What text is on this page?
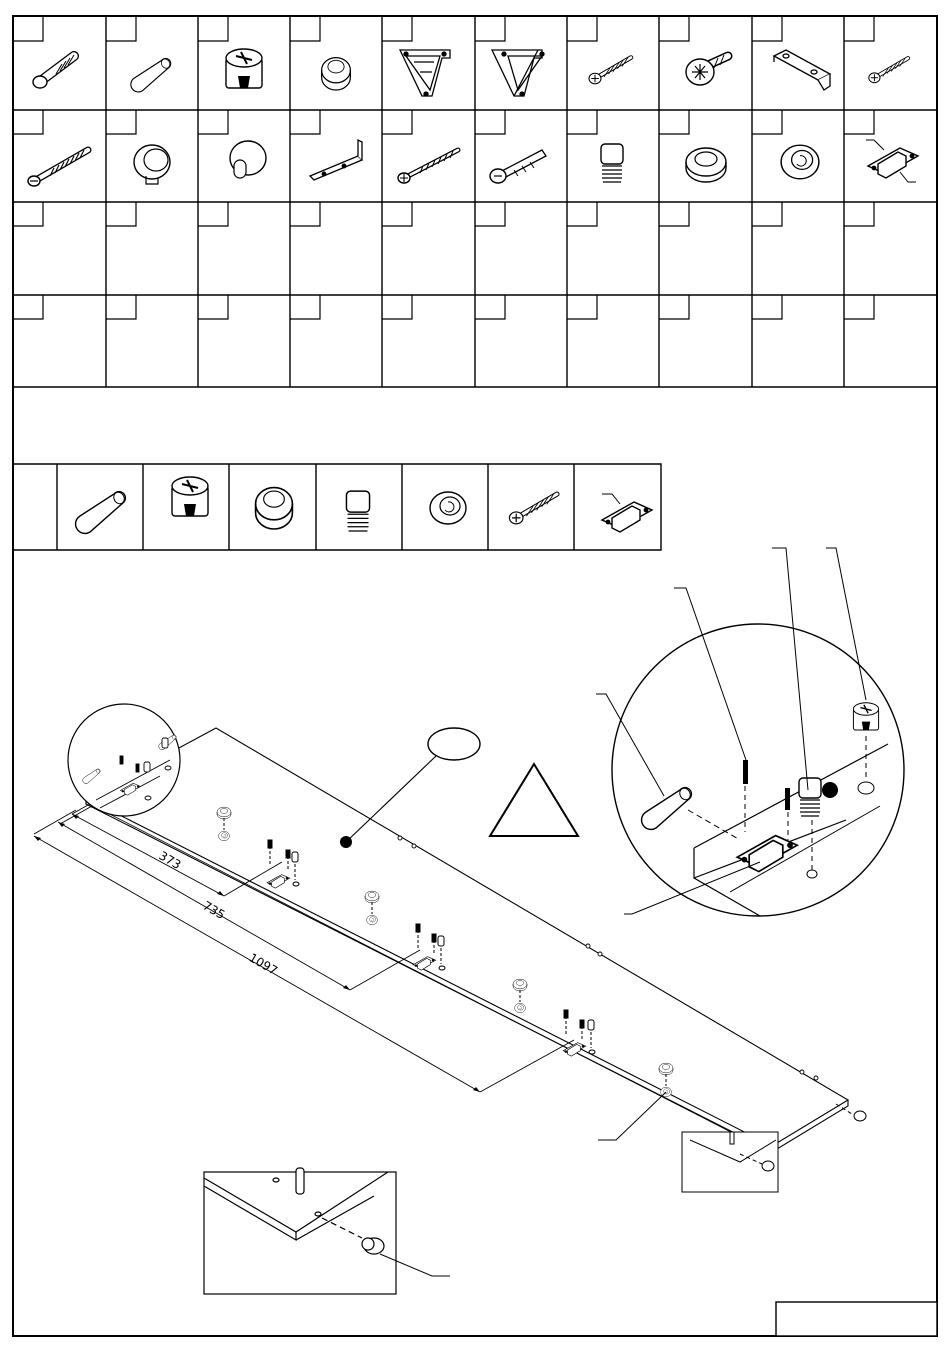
373
735
1097
